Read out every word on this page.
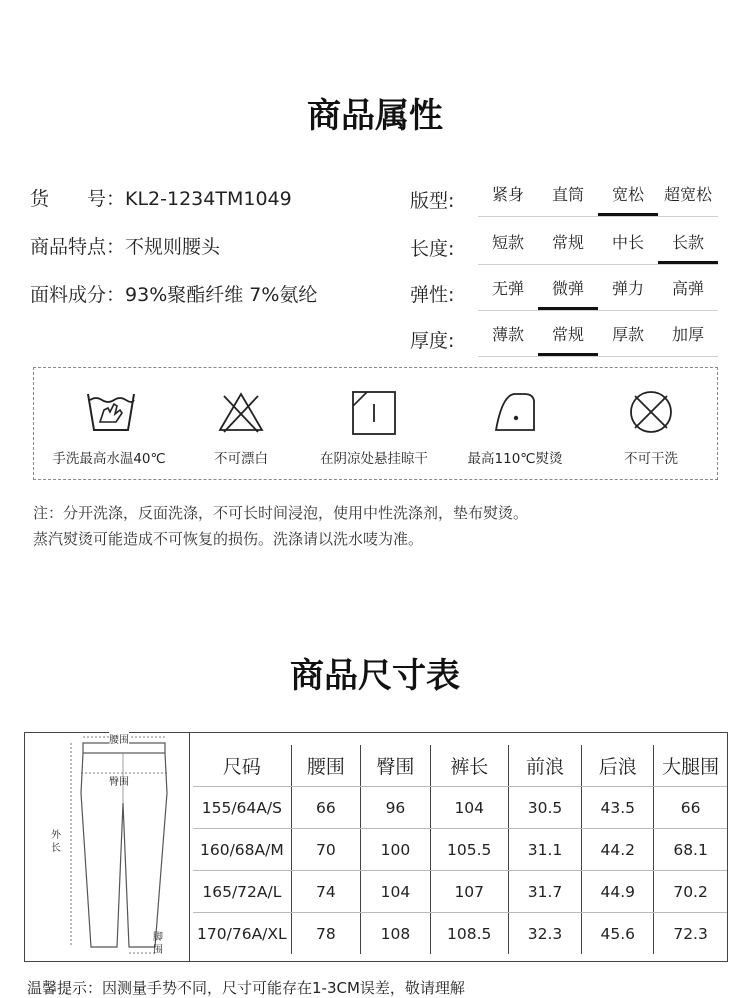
商品属性
货　　号：KL2-1234TM1049
商品特点：不规则腰头
面料成分：93%聚酯纤维 7%氨纶
版型:	紧身	直筒	宽松	超宽松
长度:	短款	常规	中长	长款
弹性:	无弹	微弹	弹力	高弹
厚度:	薄款	常规	厚款	加厚
手洗最高水温40℃	不可漂白	在阴凉处悬挂晾干	最高110℃熨烫	不可干洗
注：分开洗涤，反面洗涤，不可长时间浸泡，使用中性洗涤剂，垫布熨烫。
蒸汽熨烫可能造成不可恢复的损伤。洗涤请以洗水唛为准。
商品尺寸表
腰围
臀围
外长
脚围
尺码	腰围	臀围	裤长	前浪	后浪	大腿围
155/64A/S	66	96	104	30.5	43.5	66
160/68A/M	70	100	105.5	31.1	44.2	68.1
165/72A/L	74	104	107	31.7	44.9	70.2
170/76A/XL	78	108	108.5	32.3	45.6	72.3
温馨提示：因测量手势不同，尺寸可能存在1-3CM误差，敬请理解
